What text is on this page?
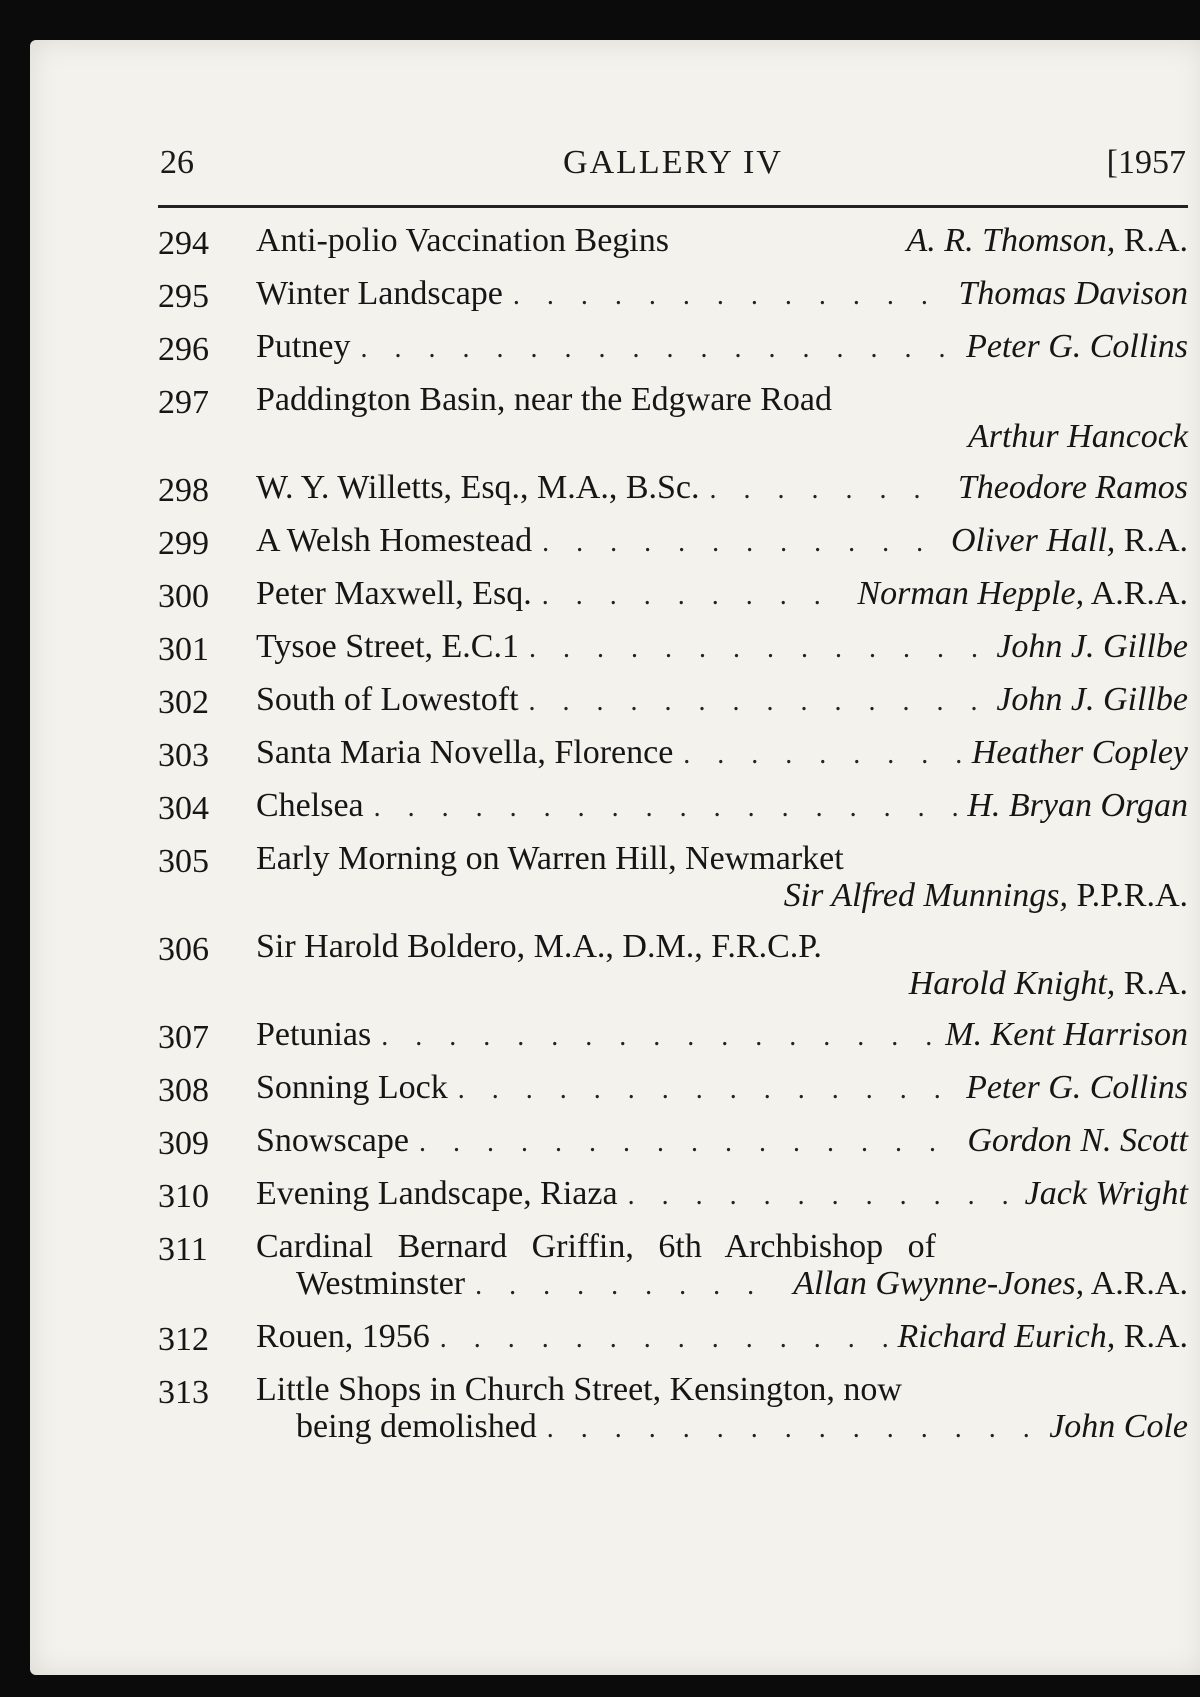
26	GALLERY IV	[1957
294	Anti-polio Vaccination Begins	A. R. Thomson, R.A.
295	Winter Landscape . . .	Thomas Davison
296	Putney . . .	Peter G. Collins
297	Paddington Basin, near the Edgware Road
Arthur Hancock
298	W. Y. Willetts, Esq., M.A., B.Sc. . . .	Theodore Ramos
299	A Welsh Homestead . . .	Oliver Hall, R.A.
300	Peter Maxwell, Esq. . . .	Norman Hepple, A.R.A.
301	Tysoe Street, E.C.1 . . .	John J. Gillbe
302	South of Lowestoft . . .	John J. Gillbe
303	Santa Maria Novella, Florence . . .	Heather Copley
304	Chelsea . . .	H. Bryan Organ
305	Early Morning on Warren Hill, Newmarket
Sir Alfred Munnings, P.P.R.A.
306	Sir Harold Boldero, M.A., D.M., F.R.C.P.
Harold Knight, R.A.
307	Petunias . . .	M. Kent Harrison
308	Sonning Lock . . .	Peter G. Collins
309	Snowscape . . .	Gordon N. Scott
310	Evening Landscape, Riaza . . .	Jack Wright
311	Cardinal Bernard Griffin, 6th Archbishop of
Westminster . . .	Allan Gwynne-Jones, A.R.A.
312	Rouen, 1956 . . .	Richard Eurich, R.A.
313	Little Shops in Church Street, Kensington, now
being demolished . . .	John Cole
